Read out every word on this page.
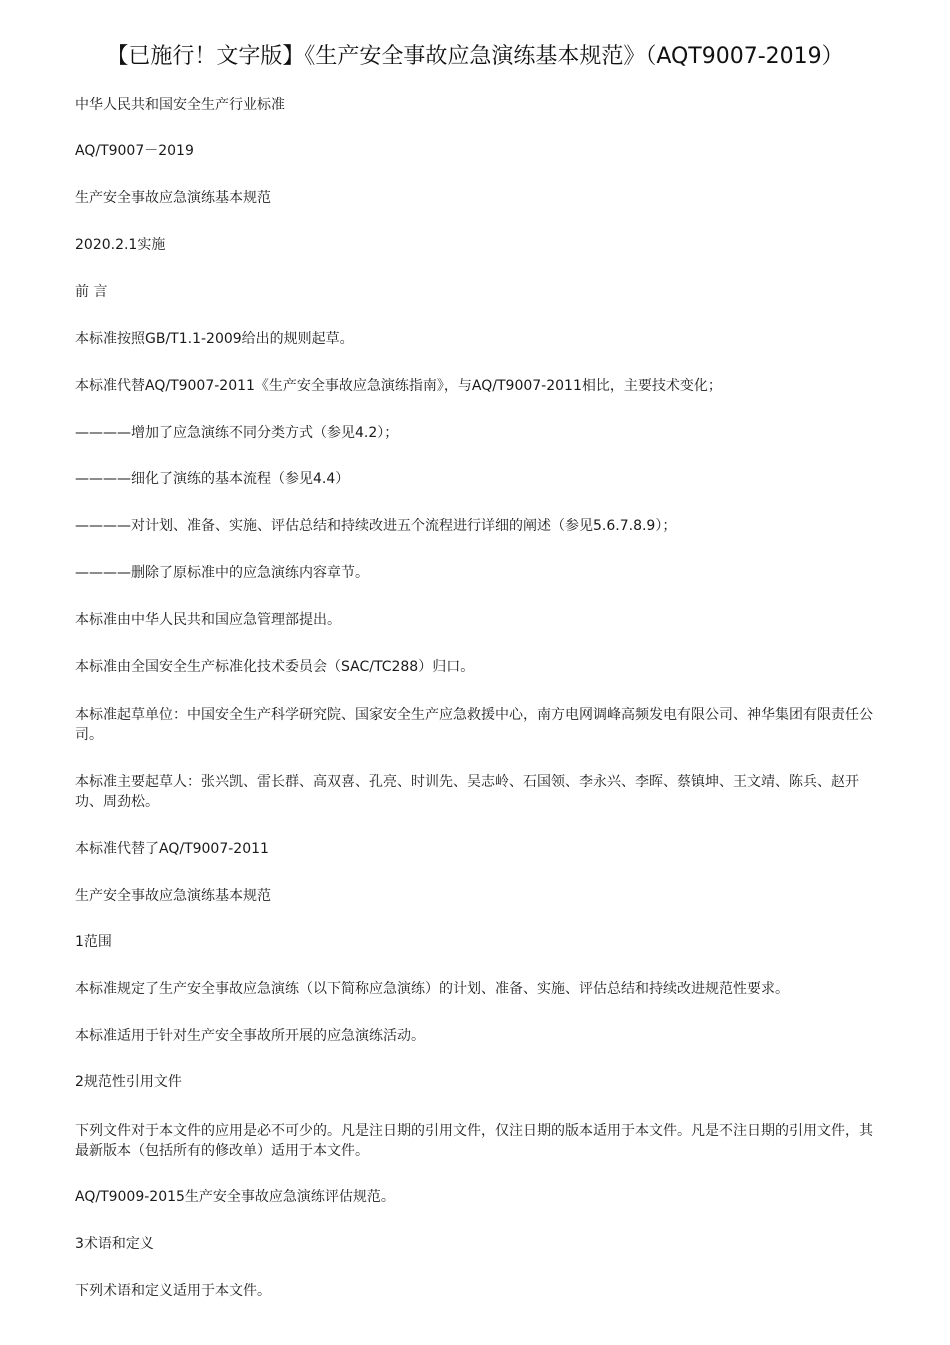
【已施行！文字版】《生产安全事故应急演练基本规范》（AQT9007-2019）

中华人民共和国安全生产行业标准

AQ/T9007－2019

生产安全事故应急演练基本规范

2020.2.1实施

前 言

本标准按照GB/T1.1-2009给出的规则起草。

本标准代替AQ/T9007-2011《生产安全事故应急演练指南》，与AQ/T9007-2011相比，主要技术变化；

————增加了应急演练不同分类方式（参见4.2）；

————细化了演练的基本流程（参见4.4）

————对计划、准备、实施、评估总结和持续改进五个流程进行详细的阐述（参见5.6.7.8.9）；

————删除了原标准中的应急演练内容章节。

本标准由中华人民共和国应急管理部提出。

本标准由全国安全生产标准化技术委员会（SAC/TC288）归口。

本标准起草单位：中国安全生产科学研究院、国家安全生产应急救援中心，南方电网调峰高频发电有限公司、神华集团有限责任公司。

本标准主要起草人：张兴凯、雷长群、高双喜、孔亮、时训先、吴志岭、石国领、李永兴、李晖、蔡镇坤、王文靖、陈兵、赵开功、周劲松。

本标准代替了AQ/T9007-2011

生产安全事故应急演练基本规范

1范围

本标准规定了生产安全事故应急演练（以下简称应急演练）的计划、准备、实施、评估总结和持续改进规范性要求。

本标准适用于针对生产安全事故所开展的应急演练活动。

2规范性引用文件

下列文件对于本文件的应用是必不可少的。凡是注日期的引用文件，仅注日期的版本适用于本文件。凡是不注日期的引用文件，其最新版本（包括所有的修改单）适用于本文件。

AQ/T9009-2015生产安全事故应急演练评估规范。

3术语和定义

下列术语和定义适用于本文件。
